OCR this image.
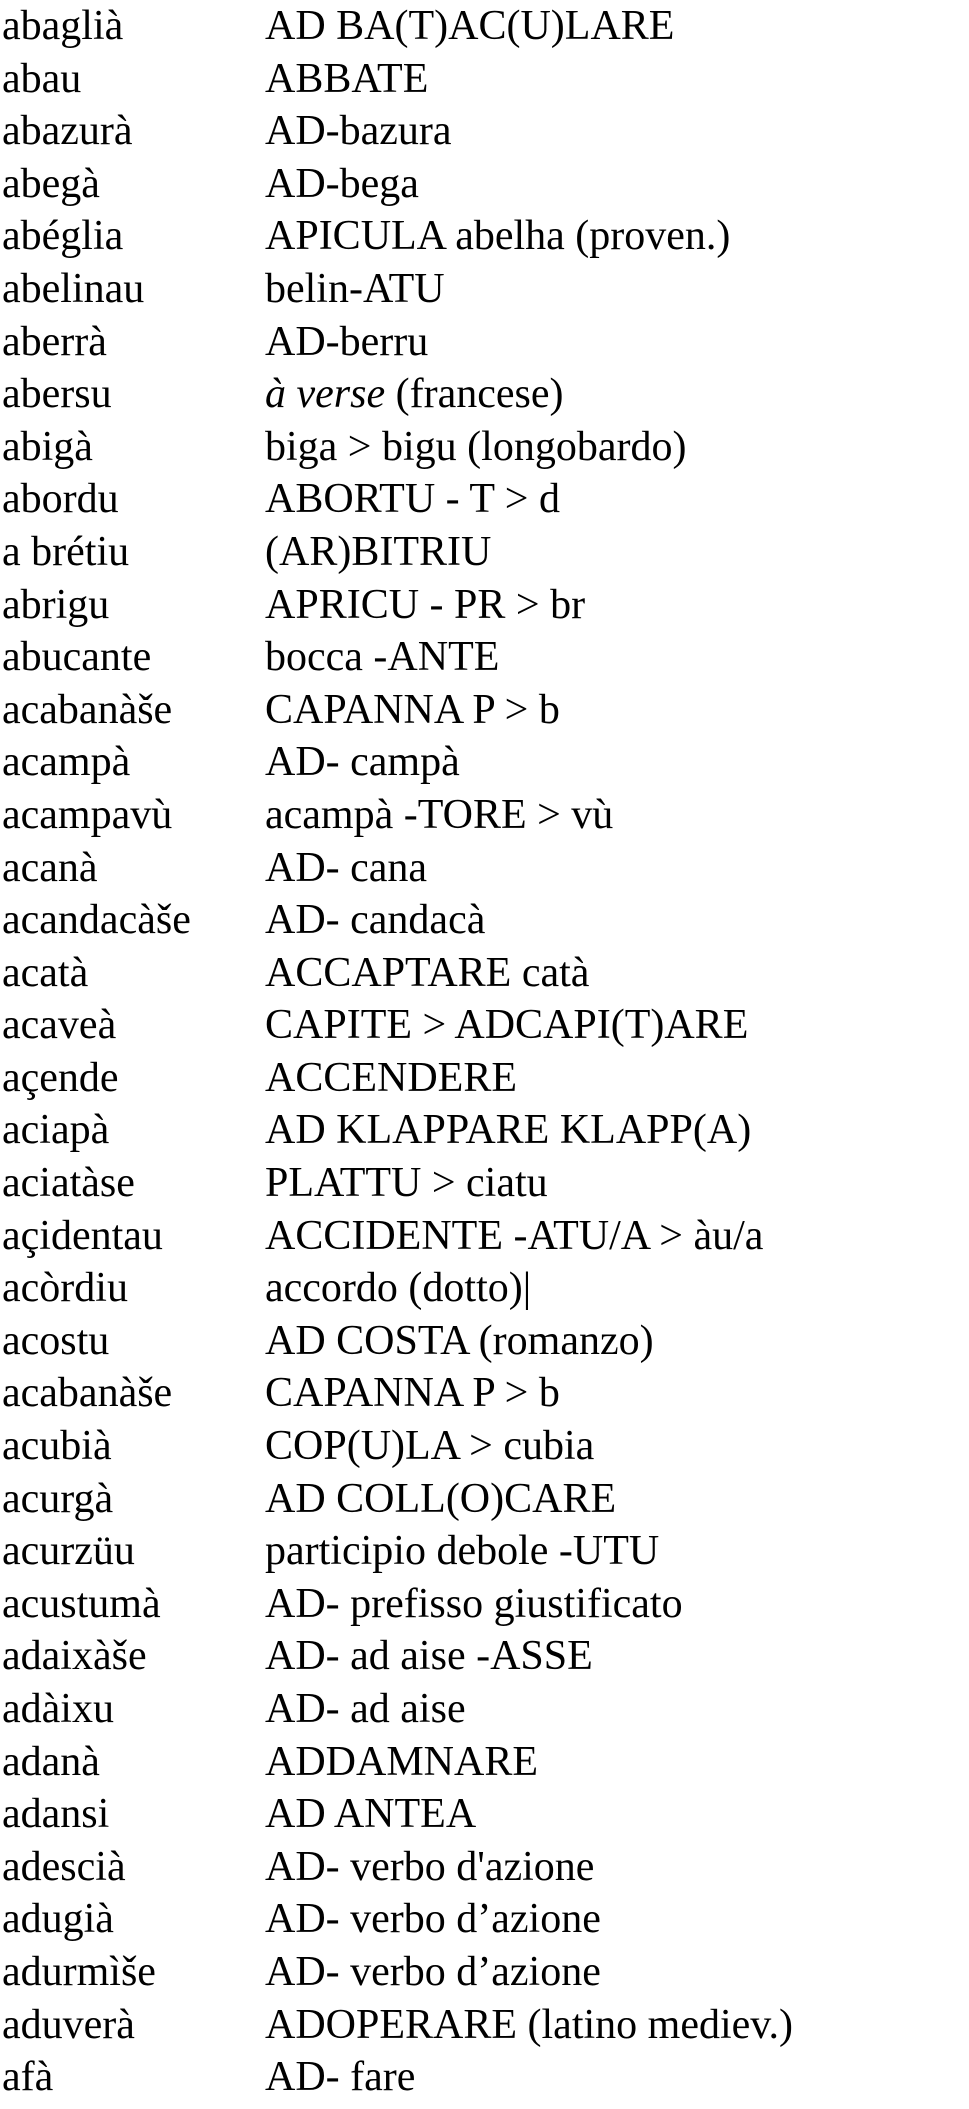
abaglià	AD BA(T)AC(U)LARE
abau	ABBATE
abazurà	AD-bazura
abegà	AD-bega
abéglia	APICULA abelha (proven.)
abelinau	belin-ATU
aberrà	AD-berru
abersu	à verse (francese)
abigà	biga > bigu (longobardo)
abordu	ABORTU - T > d
a brétiu	(AR)BITRIU
abrigu	APRICU - PR > br
abucante	bocca -ANTE
acabanàše	CAPANNA P > b
acampà	AD- campà
acampavù	acampà -TORE > vù
acanà	AD- cana
acandacàše	AD- candacà
acatà	ACCAPTARE catà
acaveà	CAPITE > ADCAPI(T)ARE
açende	ACCENDERE
aciapà	AD KLAPPARE KLAPP(A)
aciatàse	PLATTU > ciatu
açidentau	ACCIDENTE -ATU/A > àu/a
acòrdiu	accordo (dotto)|
acostu	AD COSTA (romanzo)
acabanàše	CAPANNA P > b
acubià	COP(U)LA > cubia
acurgà	AD COLL(O)CARE
acurzüu	participio debole -UTU
acustumà	AD- prefisso giustificato
adaixàše	AD- ad aise -ASSE
adàixu	AD- ad aise
adanà	ADDAMNARE
adansi	AD ANTEA
adescià	AD- verbo d'azione
adugià	AD- verbo d’azione
adurmìše	AD- verbo d’azione
aduverà	ADOPERARE (latino mediev.)
afà	AD- fare
